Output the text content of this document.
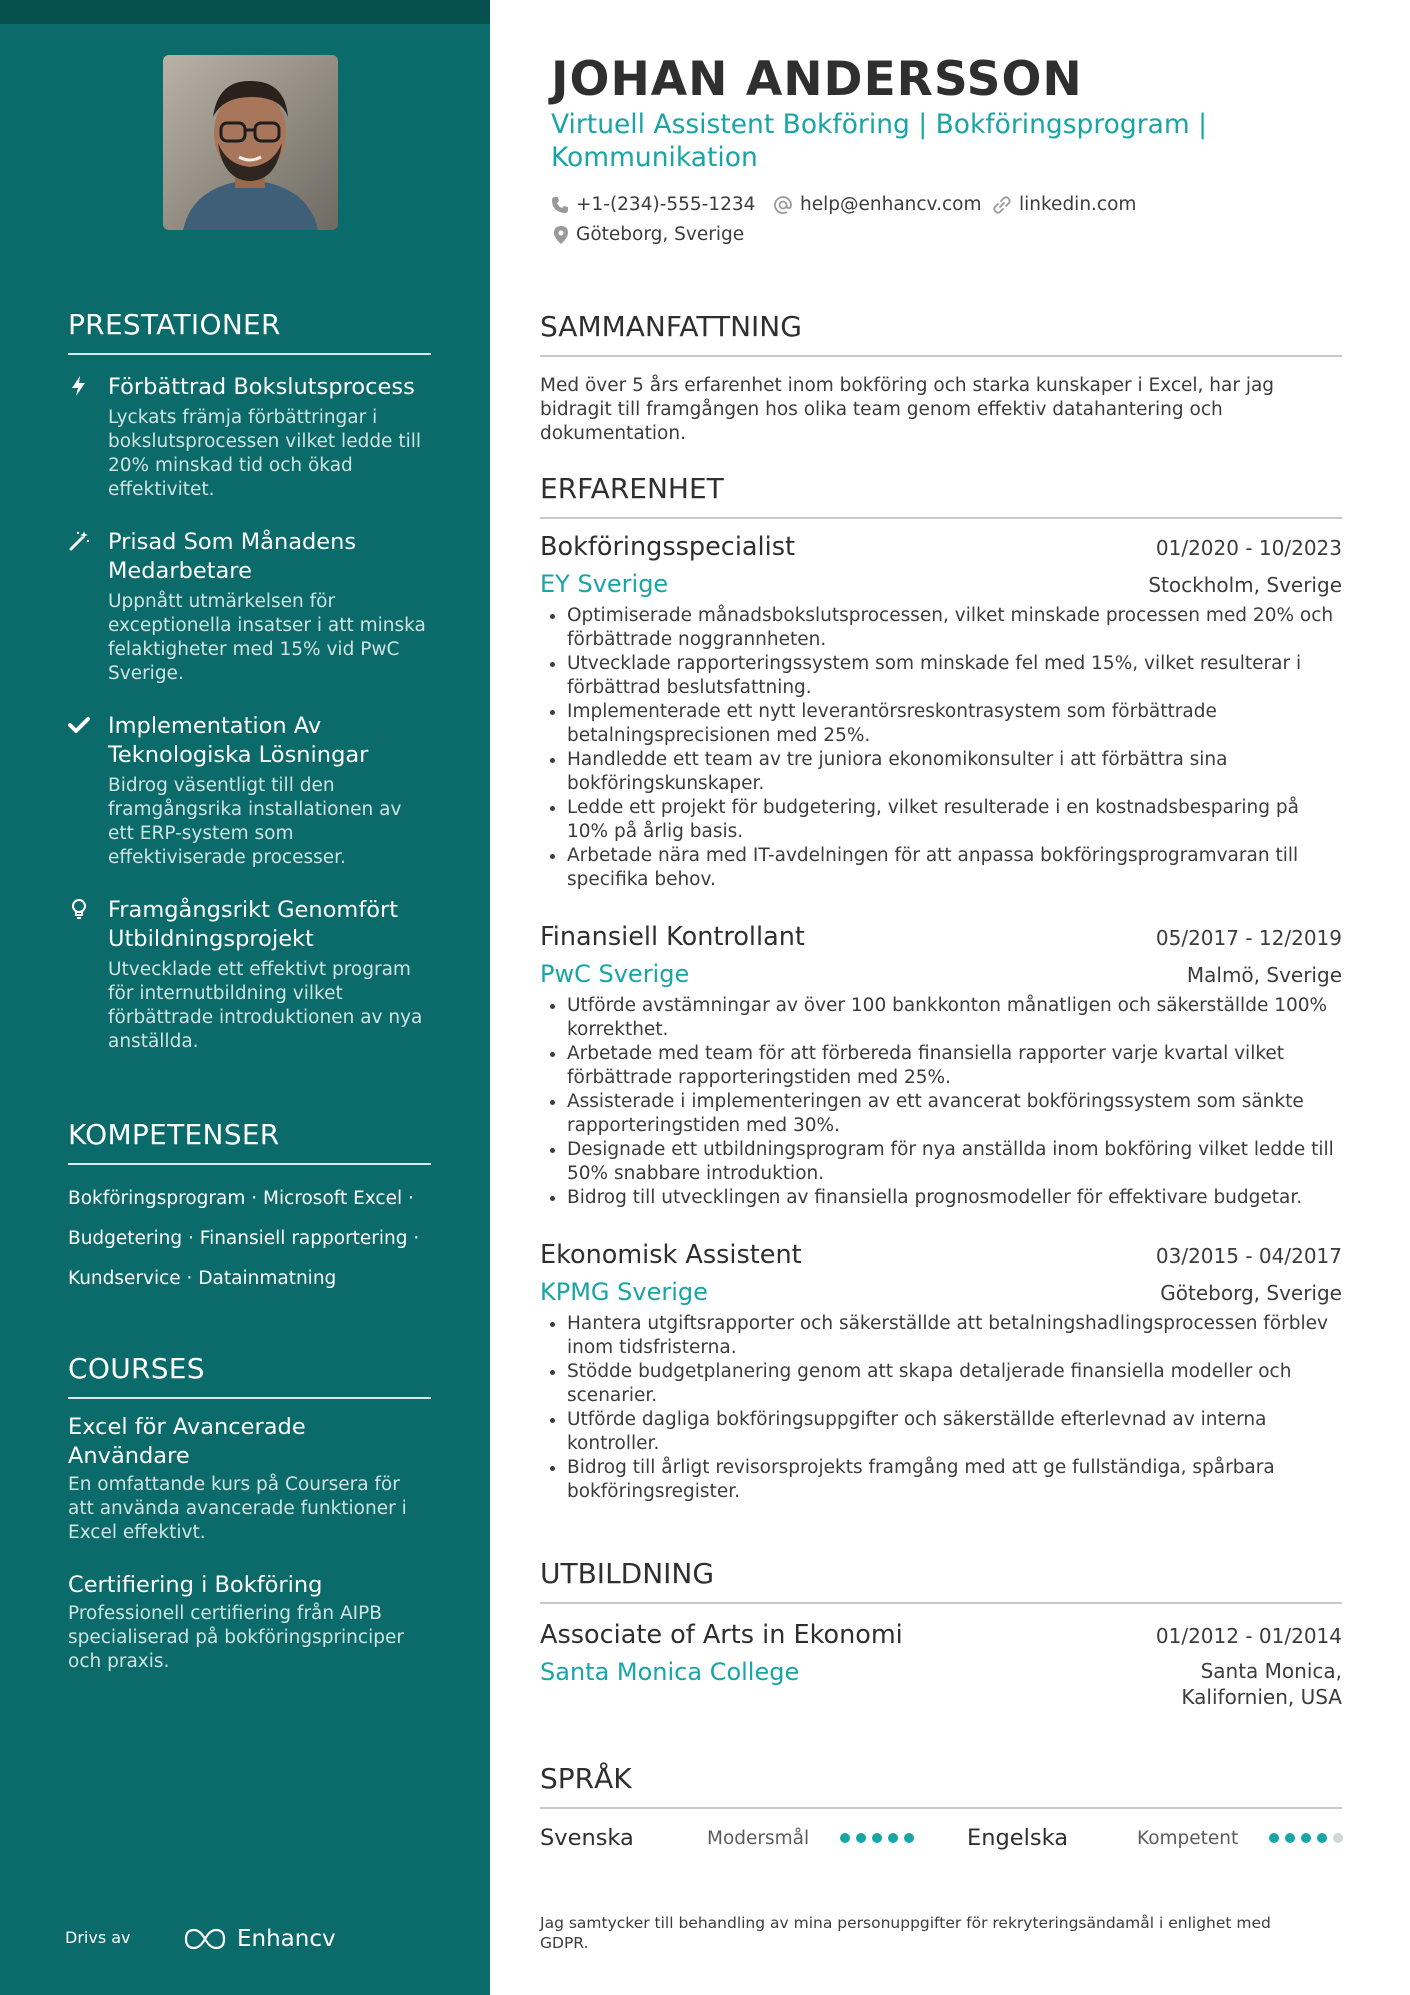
PRESTATIONER
Förbättrad Bokslutsprocess
Lyckats främja förbättringar i bokslutsprocessen vilket ledde till 20% minskad tid och ökad effektivitet.
Prisad Som Månadens Medarbetare
Uppnått utmärkelsen för exceptionella insatser i att minska felaktigheter med 15% vid PwC Sverige.
Implementation Av Teknologiska Lösningar
Bidrog väsentligt till den framgångsrika installationen av ett ERP-system som effektiviserade processer.
Framgångsrikt Genomfört Utbildningsprojekt
Utvecklade ett effektivt program för internutbildning vilket förbättrade introduktionen av nya anställda.
KOMPETENSER
Bokföringsprogram · Microsoft Excel ·
Budgetering · Finansiell rapportering ·
Kundservice · Datainmatning
COURSES
Excel för Avancerade Användare
En omfattande kurs på Coursera för att använda avancerade funktioner i Excel effektivt.
Certifiering i Bokföring
Professionell certifiering från AIPB specialiserad på bokföringsprinciper och praxis.
Drivs av	Enhancv
JOHAN ANDERSSON
Virtuell Assistent Bokföring | Bokföringsprogram | Kommunikation
+1-(234)-555-1234 help@enhancv.com linkedin.com
Göteborg, Sverige
SAMMANFATTNING
Med över 5 års erfarenhet inom bokföring och starka kunskaper i Excel, har jag bidragit till framgången hos olika team genom effektiv datahantering och dokumentation.
ERFARENHET
Bokföringsspecialist	01/2020 - 10/2023
EY Sverige	Stockholm, Sverige
• Optimiserade månadsbokslutsprocessen, vilket minskade processen med 20% och förbättrade noggrannheten.
• Utvecklade rapporteringssystem som minskade fel med 15%, vilket resulterar i förbättrad beslutsfattning.
• Implementerade ett nytt leverantörsreskontrasystem som förbättrade betalningsprecisionen med 25%.
• Handledde ett team av tre juniora ekonomikonsulter i att förbättra sina bokföringskunskaper.
• Ledde ett projekt för budgetering, vilket resulterade i en kostnadsbesparing på 10% på årlig basis.
• Arbetade nära med IT-avdelningen för att anpassa bokföringsprogramvaran till specifika behov.
Finansiell Kontrollant	05/2017 - 12/2019
PwC Sverige	Malmö, Sverige
• Utförde avstämningar av över 100 bankkonton månatligen och säkerställde 100% korrekthet.
• Arbetade med team för att förbereda finansiella rapporter varje kvartal vilket förbättrade rapporteringstiden med 25%.
• Assisterade i implementeringen av ett avancerat bokföringssystem som sänkte rapporteringstiden med 30%.
• Designade ett utbildningsprogram för nya anställda inom bokföring vilket ledde till 50% snabbare introduktion.
• Bidrog till utvecklingen av finansiella prognosmodeller för effektivare budgetar.
Ekonomisk Assistent	03/2015 - 04/2017
KPMG Sverige	Göteborg, Sverige
• Hantera utgiftsrapporter och säkerställde att betalningshadlingsprocessen förblev inom tidsfristerna.
• Stödde budgetplanering genom att skapa detaljerade finansiella modeller och scenarier.
• Utförde dagliga bokföringsuppgifter och säkerställde efterlevnad av interna kontroller.
• Bidrog till årligt revisorsprojekts framgång med att ge fullständiga, spårbara bokföringsregister.
UTBILDNING
Associate of Arts in Ekonomi	01/2012 - 01/2014
Santa Monica College	Santa Monica,
Kalifornien, USA
SPRÅK
Svenska	Modersmål	Engelska	Kompetent
Jag samtycker till behandling av mina personuppgifter för rekryteringsändamål i enlighet med GDPR.
